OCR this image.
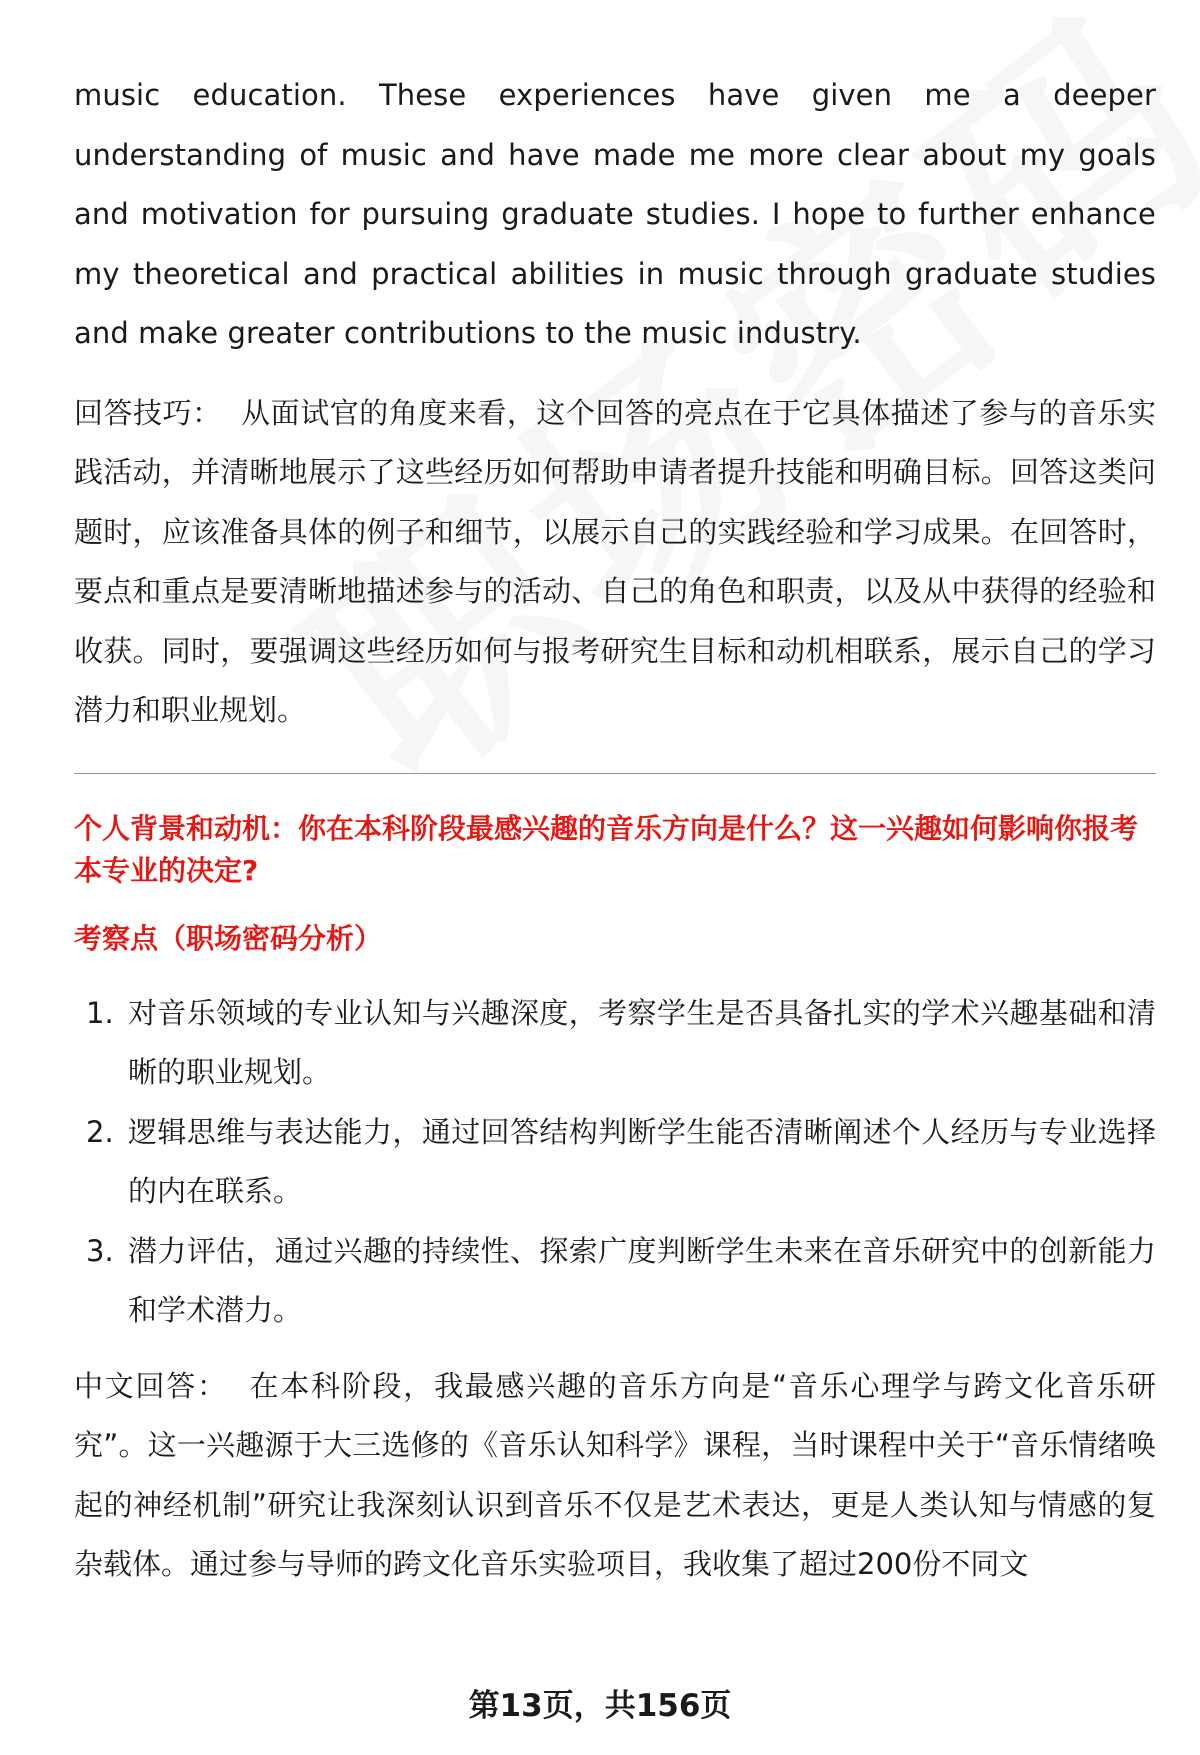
music education. These experiences have given me a deeper understanding of music and have made me more clear about my goals and motivation for pursuing graduate studies. I hope to further enhance my theoretical and practical abilities in music through graduate studies and make greater contributions to the music industry.

回答技巧： 从面试官的角度来看，这个回答的亮点在于它具体描述了参与的音乐实践活动，并清晰地展示了这些经历如何帮助申请者提升技能和明确目标。回答这类问题时，应该准备具体的例子和细节，以展示自己的实践经验和学习成果。在回答时，要点和重点是要清晰地描述参与的活动、自己的角色和职责，以及从中获得的经验和收获。同时，要强调这些经历如何与报考研究生目标和动机相联系，展示自己的学习潜力和职业规划。

个人背景和动机：你在本科阶段最感兴趣的音乐方向是什么？这一兴趣如何影响你报考本专业的决定?

考察点（职场密码分析）

1. 对音乐领域的专业认知与兴趣深度，考察学生是否具备扎实的学术兴趣基础和清晰的职业规划。
2. 逻辑思维与表达能力，通过回答结构判断学生能否清晰阐述个人经历与专业选择的内在联系。
3. 潜力评估，通过兴趣的持续性、探索广度判断学生未来在音乐研究中的创新能力和学术潜力。

中文回答： 在本科阶段，我最感兴趣的音乐方向是“音乐心理学与跨文化音乐研究”。这一兴趣源于大三选修的《音乐认知科学》课程，当时课程中关于“音乐情绪唤起的神经机制”研究让我深刻认识到音乐不仅是艺术表达，更是人类认知与情感的复杂载体。通过参与导师的跨文化音乐实验项目，我收集了超过200份不同文

第13页，共156页
